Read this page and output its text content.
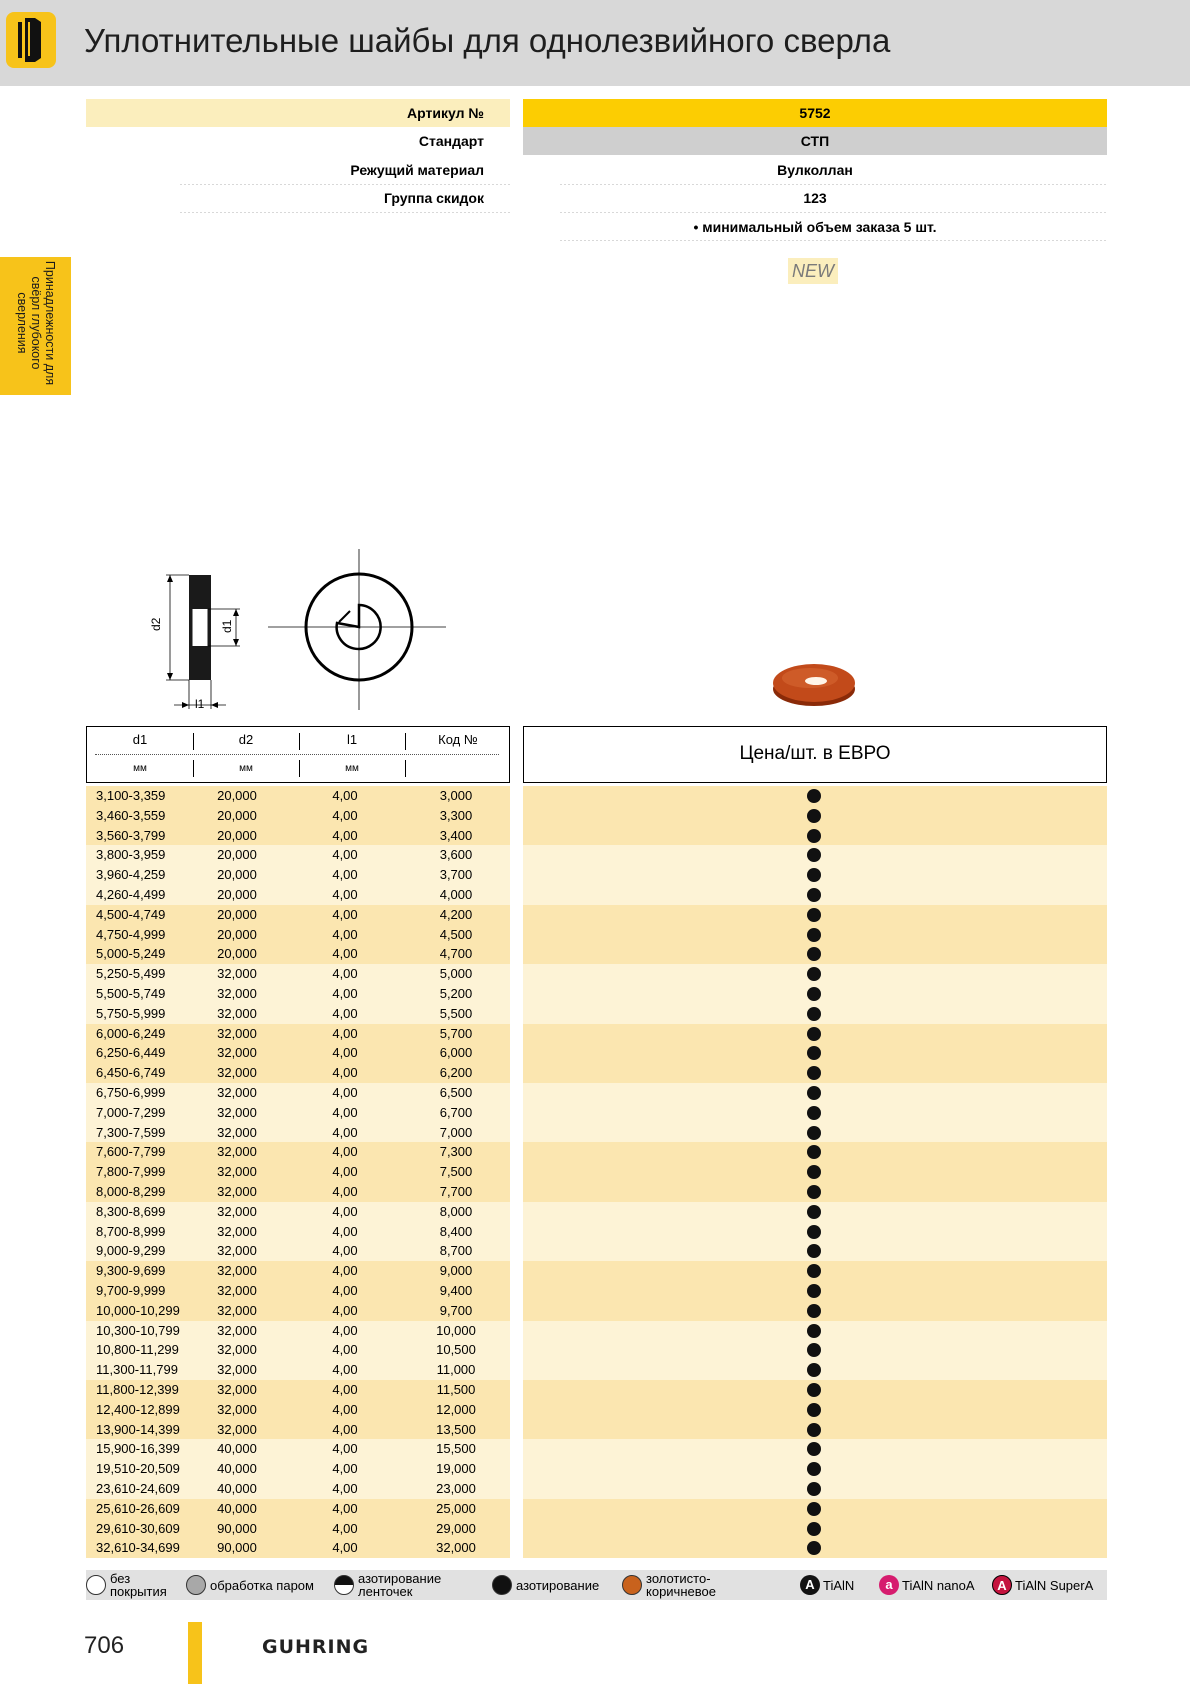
Уплотнительные шайбы для однолезвийного сверла
Принадлежности для свёрл глубокого сверления
Артикул №	5752
Стандарт	СТП
Режущий материал	Вулколлан
Группа скидок	123
• минимальный объем заказа 5 шт.
NEW
d2	d1
l1
d1	d2	l1	Код №
мм	мм	мм
Цена/шт. в ЕВРО
3,100-3,359	20,000	4,00	3,000
3,460-3,559	20,000	4,00	3,300
3,560-3,799	20,000	4,00	3,400
3,800-3,959	20,000	4,00	3,600
3,960-4,259	20,000	4,00	3,700
4,260-4,499	20,000	4,00	4,000
4,500-4,749	20,000	4,00	4,200
4,750-4,999	20,000	4,00	4,500
5,000-5,249	20,000	4,00	4,700
5,250-5,499	32,000	4,00	5,000
5,500-5,749	32,000	4,00	5,200
5,750-5,999	32,000	4,00	5,500
6,000-6,249	32,000	4,00	5,700
6,250-6,449	32,000	4,00	6,000
6,450-6,749	32,000	4,00	6,200
6,750-6,999	32,000	4,00	6,500
7,000-7,299	32,000	4,00	6,700
7,300-7,599	32,000	4,00	7,000
7,600-7,799	32,000	4,00	7,300
7,800-7,999	32,000	4,00	7,500
8,000-8,299	32,000	4,00	7,700
8,300-8,699	32,000	4,00	8,000
8,700-8,999	32,000	4,00	8,400
9,000-9,299	32,000	4,00	8,700
9,300-9,699	32,000	4,00	9,000
9,700-9,999	32,000	4,00	9,400
10,000-10,299	32,000	4,00	9,700
10,300-10,799	32,000	4,00	10,000
10,800-11,299	32,000	4,00	10,500
11,300-11,799	32,000	4,00	11,000
11,800-12,399	32,000	4,00	11,500
12,400-12,899	32,000	4,00	12,000
13,900-14,399	32,000	4,00	13,500
15,900-16,399	40,000	4,00	15,500
19,510-20,509	40,000	4,00	19,000
23,610-24,609	40,000	4,00	23,000
25,610-26,609	40,000	4,00	25,000
29,610-30,609	90,000	4,00	29,000
32,610-34,699	90,000	4,00	32,000
без
покрытия	обработка паром	азотирование
ленточек	азотирование	золотисто-
коричневое	A TiAlN	a TiAlN nanoA	A TiAlN SuperA
706	GUHRING
